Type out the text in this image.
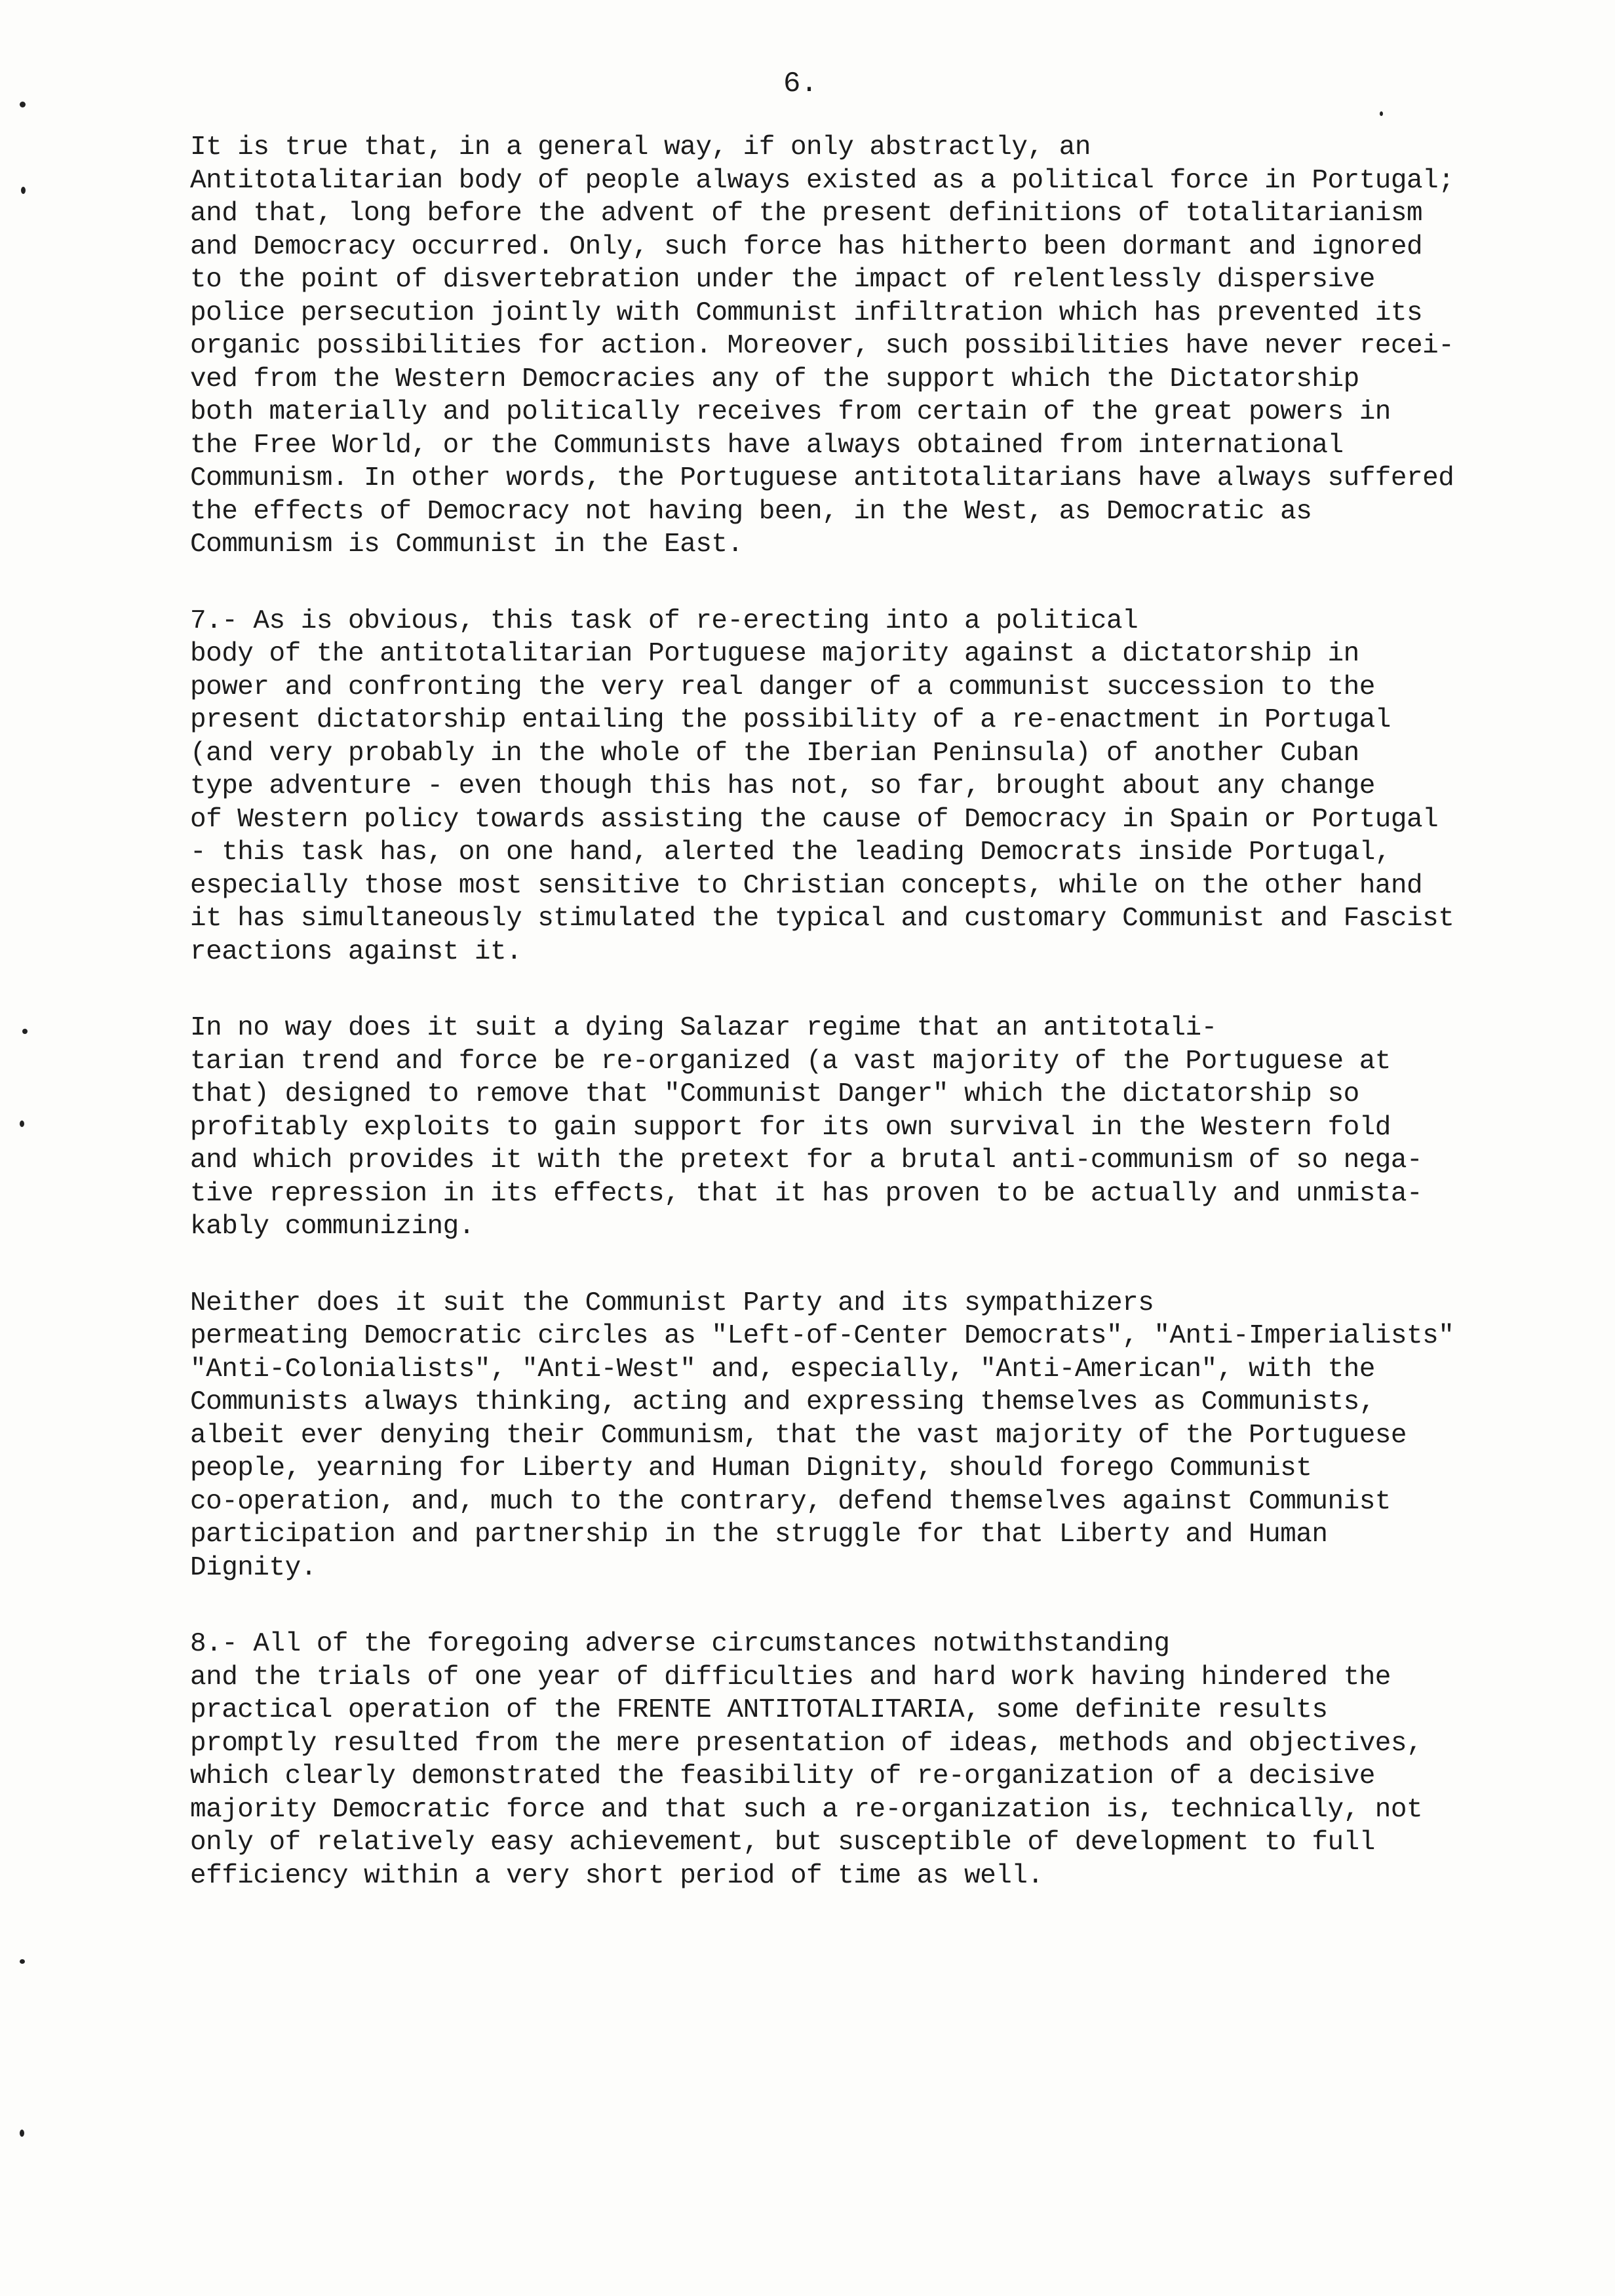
6.

It is true that, in a general way, if only abstractly, an
Antitotalitarian body of people always existed as a political force in Portugal;
and that, long before the advent of the present definitions of totalitarianism
and Democracy occurred. Only, such force has hitherto been dormant and ignored
to the point of disvertebration under the impact of relentlessly dispersive
police persecution jointly with Communist infiltration which has prevented its
organic possibilities for action. Moreover, such possibilities have never recei-
ved from the Western Democracies any of the support which the Dictatorship
both materially and politically receives from certain of the great powers in
the Free World, or the Communists have always obtained from international
Communism. In other words, the Portuguese antitotalitarians have always suffered
the effects of Democracy not having been, in the West, as Democratic as
Communism is Communist in the East.

7.- As is obvious, this task of re-erecting into a political
body of the antitotalitarian Portuguese majority against a dictatorship in
power and confronting the very real danger of a communist succession to the
present dictatorship entailing the possibility of a re-enactment in Portugal
(and very probably in the whole of the Iberian Peninsula) of another Cuban
type adventure - even though this has not, so far, brought about any change
of Western policy towards assisting the cause of Democracy in Spain or Portugal
- this task has, on one hand, alerted the leading Democrats inside Portugal,
especially those most sensitive to Christian concepts, while on the other hand
it has simultaneously stimulated the typical and customary Communist and Fascist
reactions against it.

In no way does it suit a dying Salazar regime that an antitotali-
tarian trend and force be re-organized (a vast majority of the Portuguese at
that) designed to remove that "Communist Danger" which the dictatorship so
profitably exploits to gain support for its own survival in the Western fold
and which provides it with the pretext for a brutal anti-communism of so nega-
tive repression in its effects, that it has proven to be actually and unmista-
kably communizing.

Neither does it suit the Communist Party and its sympathizers
permeating Democratic circles as "Left-of-Center Democrats", "Anti-Imperialists"
"Anti-Colonialists", "Anti-West" and, especially, "Anti-American", with the
Communists always thinking, acting and expressing themselves as Communists,
albeit ever denying their Communism, that the vast majority of the Portuguese
people, yearning for Liberty and Human Dignity, should forego Communist
co-operation, and, much to the contrary, defend themselves against Communist
participation and partnership in the struggle for that Liberty and Human
Dignity.

8.- All of the foregoing adverse circumstances notwithstanding
and the trials of one year of difficulties and hard work having hindered the
practical operation of the FRENTE ANTITOTALITARIA, some definite results
promptly resulted from the mere presentation of ideas, methods and objectives,
which clearly demonstrated the feasibility of re-organization of a decisive
majority Democratic force and that such a re-organization is, technically, not
only of relatively easy achievement, but susceptible of development to full
efficiency within a very short period of time as well.
